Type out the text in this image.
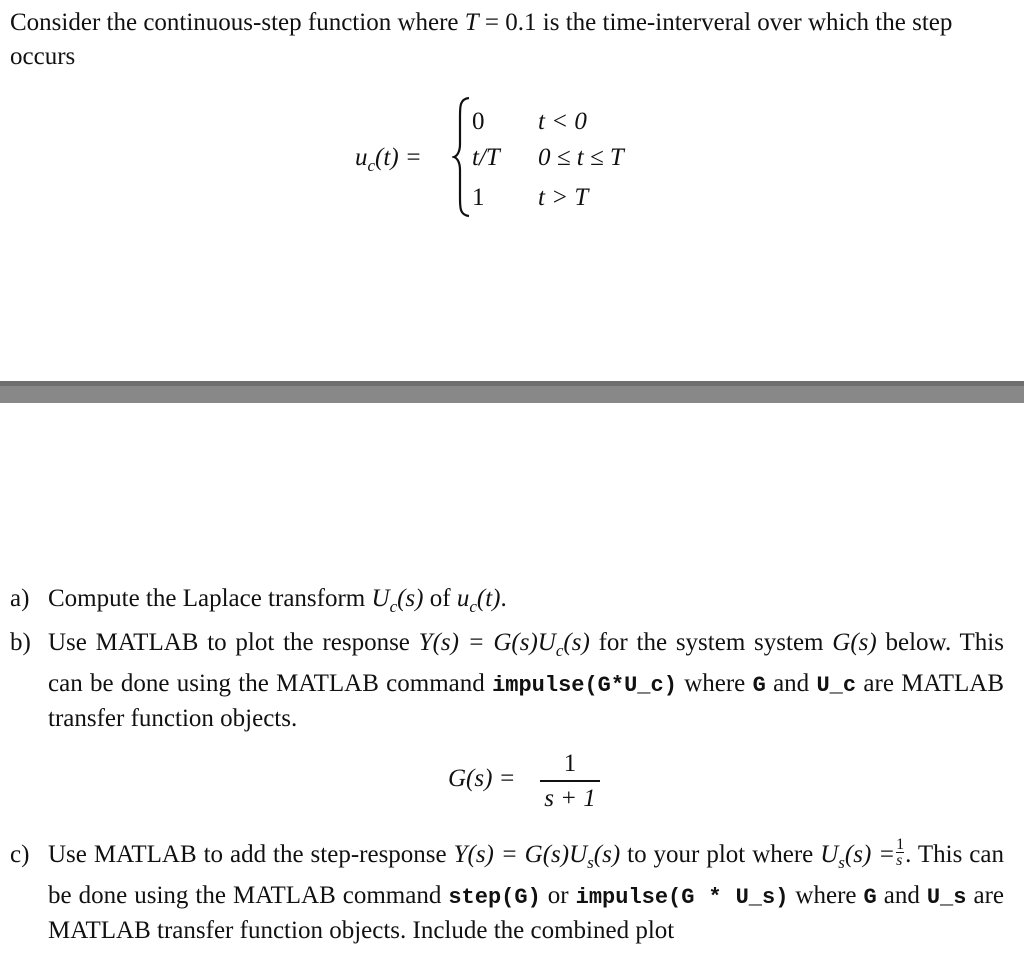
Consider the continuous-step function where T = 0.1 is the time-interveral over which the step occurs
$u_c(t)$ =
0 t < 0
t/T 0 ≤ t ≤ T
1 t > T
a) Compute the Laplace transform $U_c(s)$ of $u_c(t)$.
b) Use MATLAB to plot the response $Y(s) = G(s)U_c(s)$ for the system system G(s) below. This can be done using the MATLAB command impulse(G*U_c) where G and U_c are MATLAB transfer function objects.
G(s) =
1
s + 1
c) Use MATLAB to add the step-response $Y(s) = G(s)U_s(s)$ to your plot where $U_s(s) =\frac{1}{s}$. This can be done using the MATLAB command step(G) or impulse(G * U_s) where G and U_s are MATLAB transfer function objects. Include the combined plot
